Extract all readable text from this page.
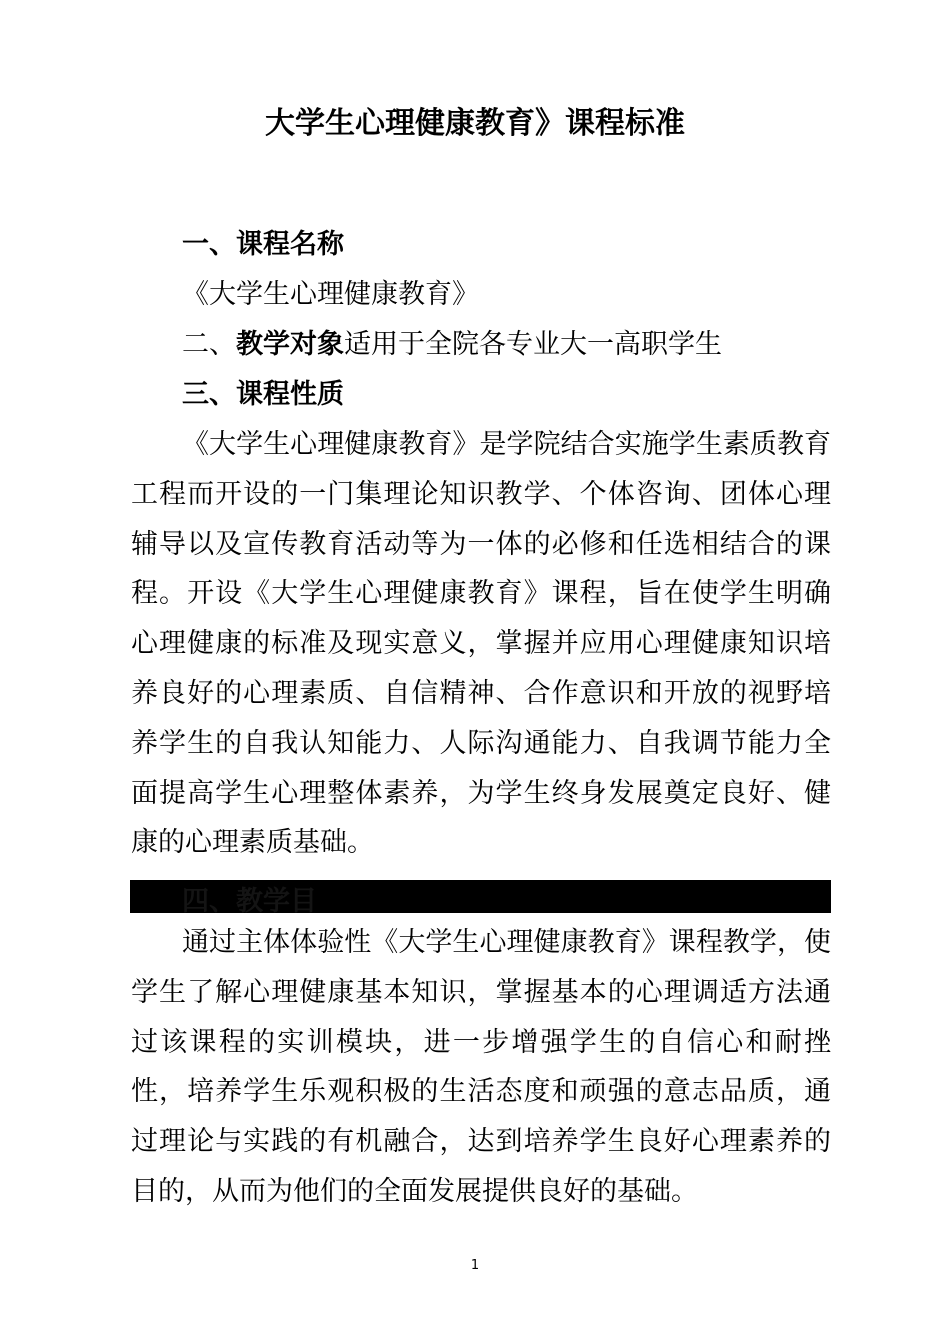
大学生心理健康教育》课程标准
一、课程名称
《大学生心理健康教育》
二、教学对象适用于全院各专业大一高职学生
三、课程性质

《大学生心理健康教育》是学院结合实施学生素质教育工程而开设的一门集理论知识教学、个体咨询、团体心理辅导以及宣传教育活动等为一体的必修和任选相结合的课程。开设《大学生心理健康教育》课程，旨在使学生明确心理健康的标准及现实意义，掌握并应用心理健康知识培养良好的心理素质、自信精神、合作意识和开放的视野培养学生的自我认知能力、人际沟通能力、自我调节能力全面提高学生心理整体素养，为学生终身发展奠定良好、健康的心理素质基础。

四、教学目

通过主体体验性《大学生心理健康教育》课程教学，使学生了解心理健康基本知识，掌握基本的心理调适方法通过该课程的实训模块，进一步增强学生的自信心和耐挫性，培养学生乐观积极的生活态度和顽强的意志品质，通过理论与实践的有机融合，达到培养学生良好心理素养的目的，从而为他们的全面发展提供良好的基础。

1
